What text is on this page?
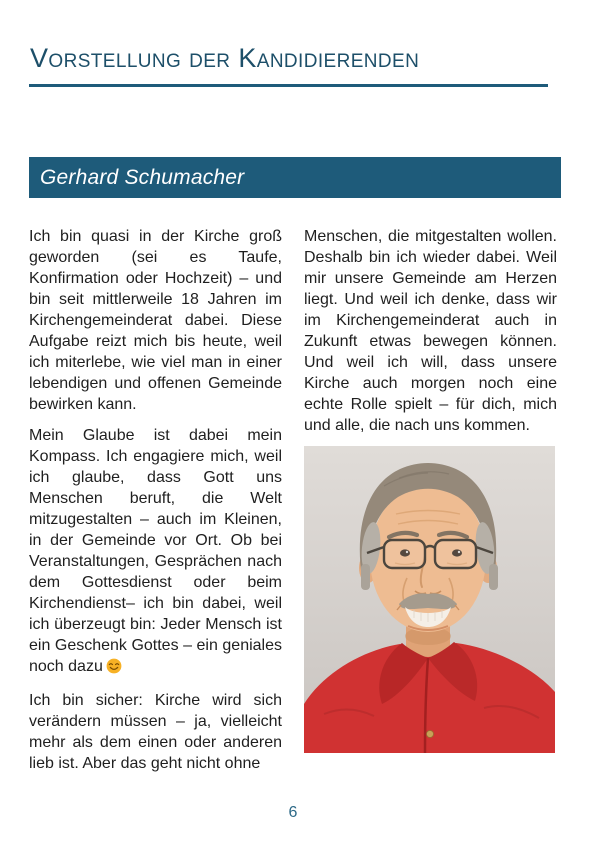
Vorstellung der Kandidierenden
Gerhard Schumacher

Ich bin quasi in der Kirche groß geworden (sei es Taufe, Konfirmation oder Hochzeit) – und bin seit mittlerweile 18 Jahren im Kirchengemeinderat dabei. Diese Aufgabe reizt mich bis heute, weil ich miterlebe, wie viel man in einer lebendigen und offenen Gemeinde bewirken kann.

Mein Glaube ist dabei mein Kompass. Ich engagiere mich, weil ich glaube, dass Gott uns Menschen beruft, die Welt mitzugestalten – auch im Kleinen, in der Gemeinde vor Ort. Ob bei Veranstaltungen, Gesprächen nach dem Gottesdienst oder beim Kirchendienst– ich bin dabei, weil ich überzeugt bin: Jeder Mensch ist ein Geschenk Gottes – ein geniales noch dazu

Ich bin sicher: Kirche wird sich verändern müssen – ja, vielleicht mehr als dem einen oder anderen lieb ist. Aber das geht nicht ohne

Menschen, die mitgestalten wollen. Deshalb bin ich wieder dabei. Weil mir unsere Gemeinde am Herzen liegt. Und weil ich denke, dass wir im Kirchengemeinderat auch in Zukunft etwas bewegen können. Und weil ich will, dass unsere Kirche auch morgen noch eine echte Rolle spielt – für dich, mich und alle, die nach uns kommen.

6
